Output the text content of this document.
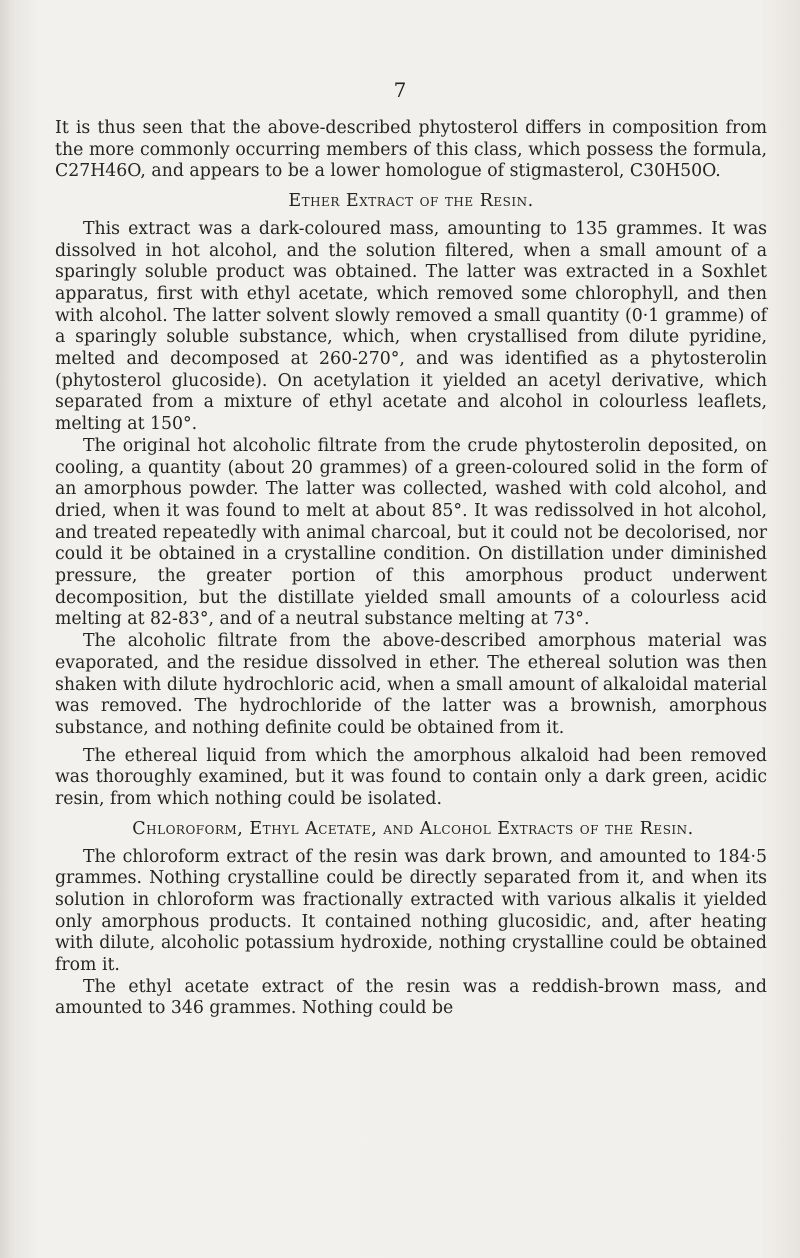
7

It is thus seen that the above-described phytosterol differs in composition from the more commonly occurring members of this class, which possess the formula, C27H46O, and appears to be a lower homologue of stigmasterol, C30H50O.

Ether Extract of the Resin.

This extract was a dark-coloured mass, amounting to 135 grammes. It was dissolved in hot alcohol, and the solution filtered, when a small amount of a sparingly soluble product was obtained. The latter was extracted in a Soxhlet apparatus, first with ethyl acetate, which removed some chlorophyll, and then with alcohol. The latter solvent slowly removed a small quantity (0·1 gramme) of a sparingly soluble substance, which, when crystallised from dilute pyridine, melted and decomposed at 260-270°, and was identified as a phytosterolin (phytosterol glucoside). On acetylation it yielded an acetyl derivative, which separated from a mixture of ethyl acetate and alcohol in colourless leaflets, melting at 150°.

The original hot alcoholic filtrate from the crude phytosterolin deposited, on cooling, a quantity (about 20 grammes) of a green-coloured solid in the form of an amorphous powder. The latter was collected, washed with cold alcohol, and dried, when it was found to melt at about 85°. It was redissolved in hot alcohol, and treated repeatedly with animal charcoal, but it could not be decolorised, nor could it be obtained in a crystalline condition. On distillation under diminished pressure, the greater portion of this amorphous product underwent decomposition, but the distillate yielded small amounts of a colourless acid melting at 82-83°, and of a neutral substance melting at 73°.

The alcoholic filtrate from the above-described amorphous material was evaporated, and the residue dissolved in ether. The ethereal solution was then shaken with dilute hydrochloric acid, when a small amount of alkaloidal material was removed. The hydrochloride of the latter was a brownish, amorphous substance, and nothing definite could be obtained from it.

The ethereal liquid from which the amorphous alkaloid had been removed was thoroughly examined, but it was found to contain only a dark green, acidic resin, from which nothing could be isolated.

Chloroform, Ethyl Acetate, and Alcohol Extracts of the Resin.

The chloroform extract of the resin was dark brown, and amounted to 184·5 grammes. Nothing crystalline could be directly separated from it, and when its solution in chloroform was fractionally extracted with various alkalis it yielded only amorphous products. It contained nothing glucosidic, and, after heating with dilute, alcoholic potassium hydroxide, nothing crystalline could be obtained from it.

The ethyl acetate extract of the resin was a reddish-brown mass, and amounted to 346 grammes. Nothing could be
